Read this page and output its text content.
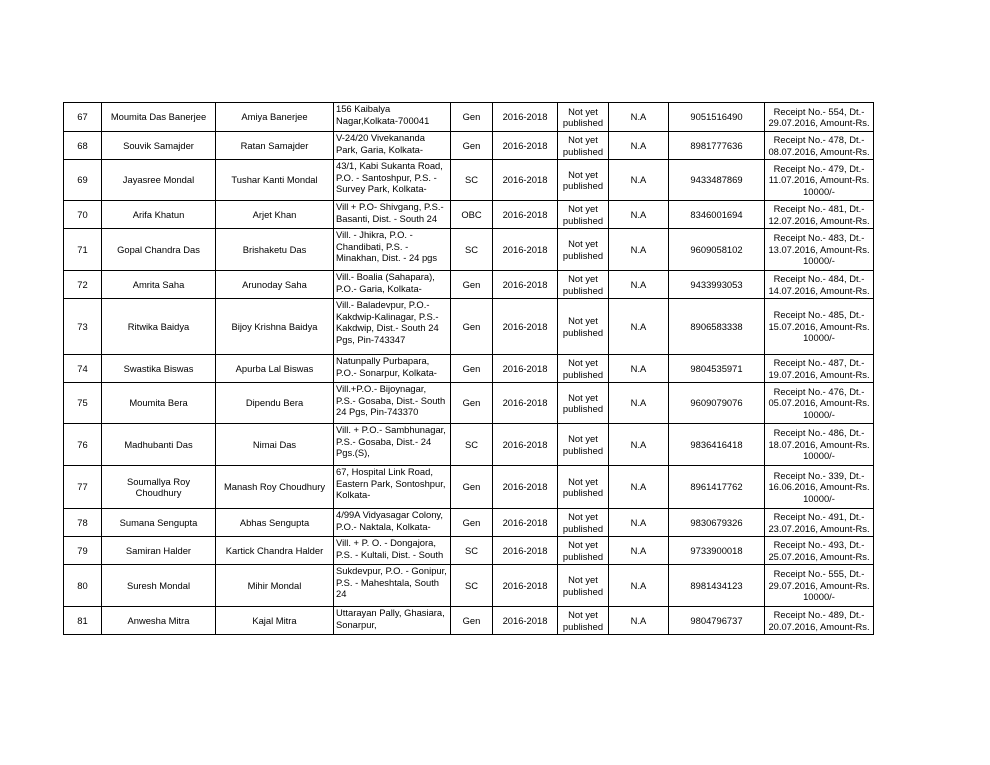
67	Moumita Das Banerjee	Amiya Banerjee	156 Kaibalya Nagar,Kolkata-700041	Gen	2016-2018	Not yet published	N.A	9051516490	Receipt No.- 554, Dt.- 29.07.2016, Amount-Rs.

68	Souvik Samajder	Ratan Samajder	V-24/20 Vivekananda Park, Garia, Kolkata-	Gen	2016-2018	Not yet published	N.A	8981777636	Receipt No.- 478, Dt.- 08.07.2016, Amount-Rs.

69	Jayasree Mondal	Tushar Kanti Mondal	43/1, Kabi Sukanta Road, P.O. - Santoshpur, P.S. - Survey Park, Kolkata-	SC	2016-2018	Not yet published	N.A	9433487869	Receipt No.- 479, Dt.- 11.07.2016, Amount-Rs. 10000/-

70	Arifa Khatun	Arjet Khan	Vill + P.O- Shivgang, P.S.- Basanti, Dist. - South 24	OBC	2016-2018	Not yet published	N.A	8346001694	Receipt No.- 481, Dt.- 12.07.2016, Amount-Rs.

71	Gopal Chandra Das	Brishaketu Das	Vill. - Jhikra, P.O. - Chandibati, P.S. - Minakhan, Dist. - 24 pgs	SC	2016-2018	Not yet published	N.A	9609058102	Receipt No.- 483, Dt.- 13.07.2016, Amount-Rs. 10000/-

72	Amrita Saha	Arunoday Saha	Vill.- Boalia (Sahapara), P.O.- Garia, Kolkata-	Gen	2016-2018	Not yet published	N.A	9433993053	Receipt No.- 484, Dt.- 14.07.2016, Amount-Rs.

73	Ritwika Baidya	Bijoy Krishna Baidya	Vill.- Baladevpur, P.O.- Kakdwip-Kalinagar, P.S.- Kakdwip, Dist.- South 24 Pgs, Pin-743347	Gen	2016-2018	Not yet published	N.A	8906583338	Receipt No.- 485, Dt.- 15.07.2016, Amount-Rs. 10000/-

74	Swastika Biswas	Apurba Lal Biswas	Natunpally Purbapara, P.O.- Sonarpur, Kolkata-	Gen	2016-2018	Not yet published	N.A	9804535971	Receipt No.- 487, Dt.- 19.07.2016, Amount-Rs.

75	Moumita Bera	Dipendu Bera	Vill.+P.O.- Bijoynagar, P.S.- Gosaba, Dist.- South 24 Pgs, Pin-743370	Gen	2016-2018	Not yet published	N.A	9609079076	Receipt No.- 476, Dt.- 05.07.2016, Amount-Rs. 10000/-

76	Madhubanti Das	Nimai Das	Vill. + P.O.- Sambhunagar, P.S.- Gosaba, Dist.- 24 Pgs.(S),	SC	2016-2018	Not yet published	N.A	9836416418	Receipt No.- 486, Dt.- 18.07.2016, Amount-Rs. 10000/-

77	Soumallya Roy Choudhury	Manash Roy Choudhury	67, Hospital Link Road, Eastern Park, Sontoshpur, Kolkata-	Gen	2016-2018	Not yet published	N.A	8961417762	Receipt No.- 339, Dt.- 16.06.2016, Amount-Rs. 10000/-

78	Sumana Sengupta	Abhas Sengupta	4/99A Vidyasagar Colony, P.O.- Naktala, Kolkata-	Gen	2016-2018	Not yet published	N.A	9830679326	Receipt No.- 491, Dt.- 23.07.2016, Amount-Rs.

79	Samiran Halder	Kartick Chandra Halder	Vill. + P. O. - Dongajora, P.S. - Kultali, Dist. - South	SC	2016-2018	Not yet published	N.A	9733900018	Receipt No.- 493, Dt.- 25.07.2016, Amount-Rs.

80	Suresh Mondal	Mihir Mondal	Sukdevpur, P.O. - Gonipur, P.S. - Maheshtala, South 24	SC	2016-2018	Not yet published	N.A	8981434123	Receipt No.- 555, Dt.- 29.07.2016, Amount-Rs. 10000/-

81	Anwesha Mitra	Kajal Mitra	Uttarayan Pally, Ghasiara, Sonarpur,	Gen	2016-2018	Not yet published	N.A	9804796737	Receipt No.- 489, Dt.- 20.07.2016, Amount-Rs.
